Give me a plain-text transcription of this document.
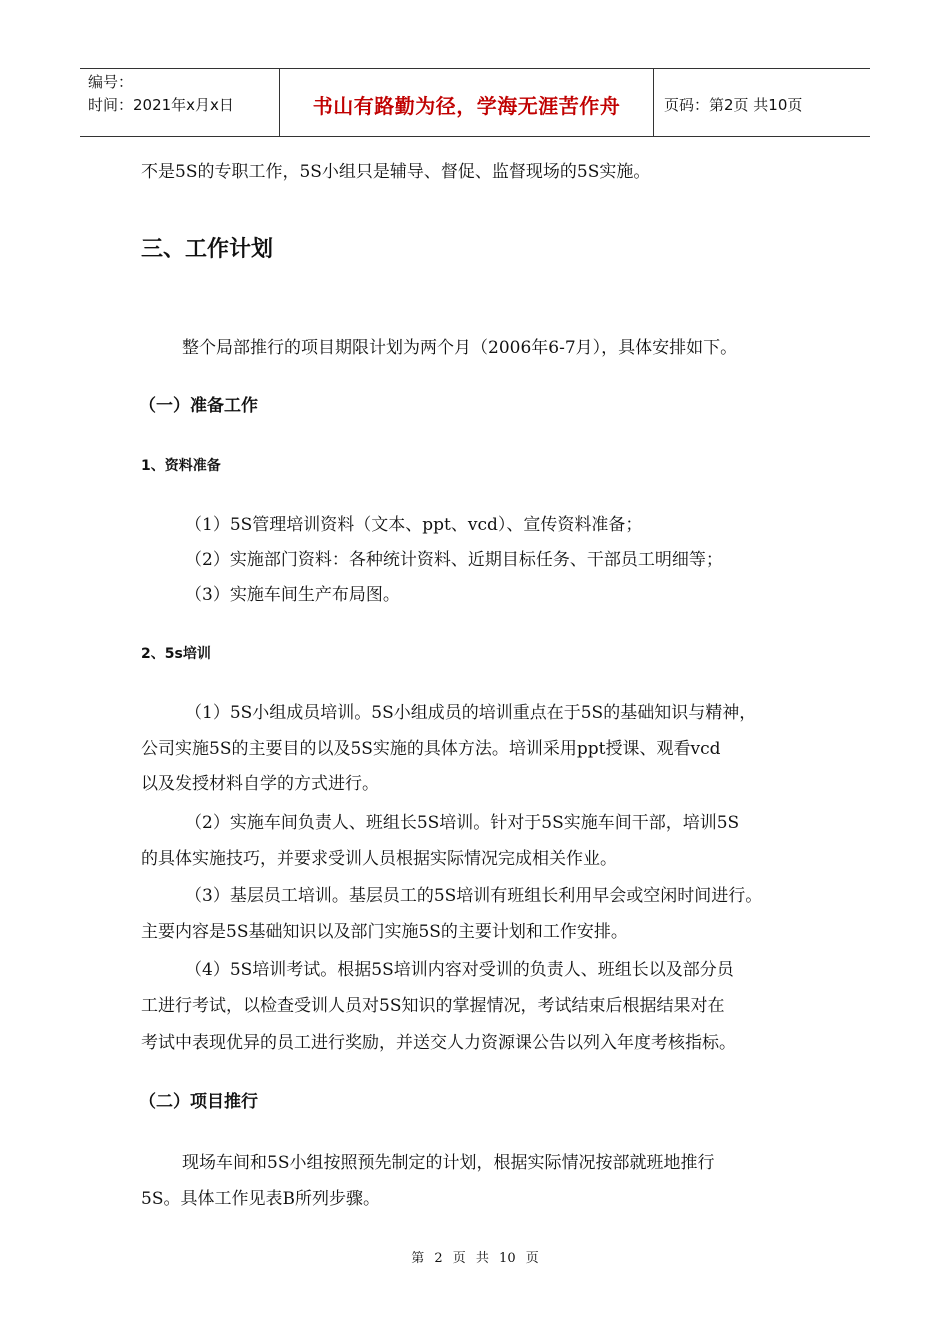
编号：
时间：2021年x月x日	书山有路勤为径，学海无涯苦作舟	页码：第2页 共10页
不是5S的专职工作，5S小组只是辅导、督促、监督现场的5S实施。
三、工作计划
整个局部推行的项目期限计划为两个月（2006年6-7月），具体安排如下。
（一）准备工作
1、资料准备
（1）5S管理培训资料（文本、ppt、vcd）、宣传资料准备；
（2）实施部门资料：各种统计资料、近期目标任务、干部员工明细等；
（3）实施车间生产布局图。
2、5s培训
（1）5S小组成员培训。5S小组成员的培训重点在于5S的基础知识与精神，
公司实施5S的主要目的以及5S实施的具体方法。培训采用ppt授课、观看vcd
以及发授材料自学的方式进行。
（2）实施车间负责人、班组长5S培训。针对于5S实施车间干部，培训5S
的具体实施技巧，并要求受训人员根据实际情况完成相关作业。
（3）基层员工培训。基层员工的5S培训有班组长利用早会或空闲时间进行。
主要内容是5S基础知识以及部门实施5S的主要计划和工作安排。
（4）5S培训考试。根据5S培训内容对受训的负责人、班组长以及部分员
工进行考试，以检查受训人员对5S知识的掌握情况，考试结束后根据结果对在
考试中表现优异的员工进行奖励，并送交人力资源课公告以列入年度考核指标。
（二）项目推行
现场车间和5S小组按照预先制定的计划，根据实际情况按部就班地推行
5S。具体工作见表B所列步骤。
第 2 页 共 10 页
